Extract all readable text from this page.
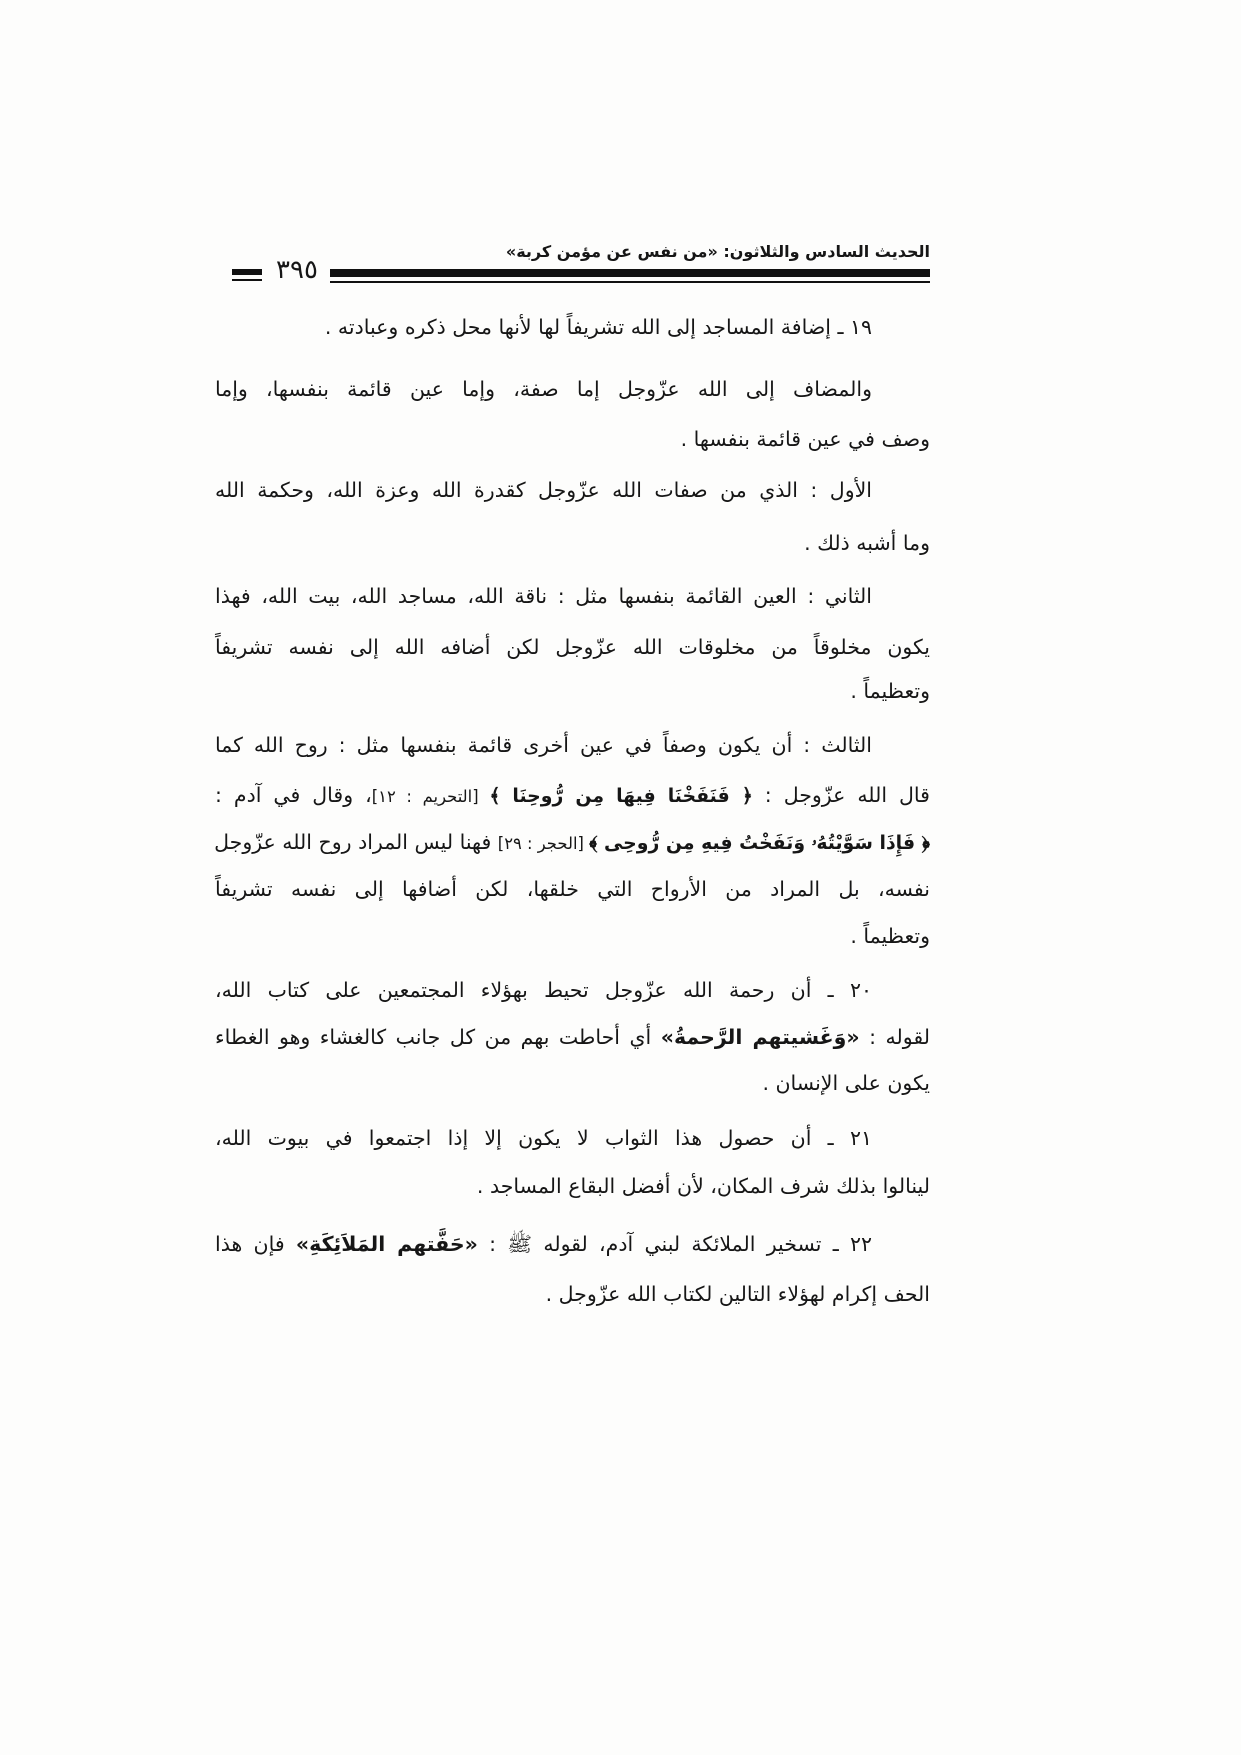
الحديث السادس والثلاثون: «من نفس عن مؤمن كربة»
٣٩٥
١٩ ـ إضافة المساجد إلى الله تشريفاً لها لأنها محل ذكره وعبادته .
والمضاف إلى الله عزّوجل إما صفة، وإما عين قائمة بنفسها، وإما
وصف في عين قائمة بنفسها .
الأول : الذي من صفات الله عزّوجل كقدرة الله وعزة الله، وحكمة الله
وما أشبه ذلك .
الثاني : العين القائمة بنفسها مثل : ناقة الله، مساجد الله، بيت الله، فهذا
يكون مخلوقاً من مخلوقات الله عزّوجل لكن أضافه الله إلى نفسه تشريفاً
وتعظيماً .
الثالث : أن يكون وصفاً في عين أخرى قائمة بنفسها مثل : روح الله كما
قال الله عزّوجل : ﴿ فَنَفَخْنَا فِيهَا مِن رُّوحِنَا ﴾ [التحريم : ١٢]، وقال في آدم :
﴿ فَإِذَا سَوَّيْتُهُۥ وَنَفَخْتُ فِيهِ مِن رُّوحِى ﴾ [الحجر : ٢٩] فهنا ليس المراد روح الله عزّوجل
نفسه، بل المراد من الأرواح التي خلقها، لكن أضافها إلى نفسه تشريفاً
وتعظيماً .
٢٠ ـ أن رحمة الله عزّوجل تحيط بهؤلاء المجتمعين على كتاب الله،
لقوله : «وَغَشيتهم الرَّحمةُ» أي أحاطت بهم من كل جانب كالغشاء وهو الغطاء
يكون على الإنسان .
٢١ ـ أن حصول هذا الثواب لا يكون إلا إذا اجتمعوا في بيوت الله،
لينالوا بذلك شرف المكان، لأن أفضل البقاع المساجد .
٢٢ ـ تسخير الملائكة لبني آدم، لقوله ﷺ : «حَفَّتهم المَلاَئِكَةِ» فإن هذا
الحف إكرام لهؤلاء التالين لكتاب الله عزّوجل .
